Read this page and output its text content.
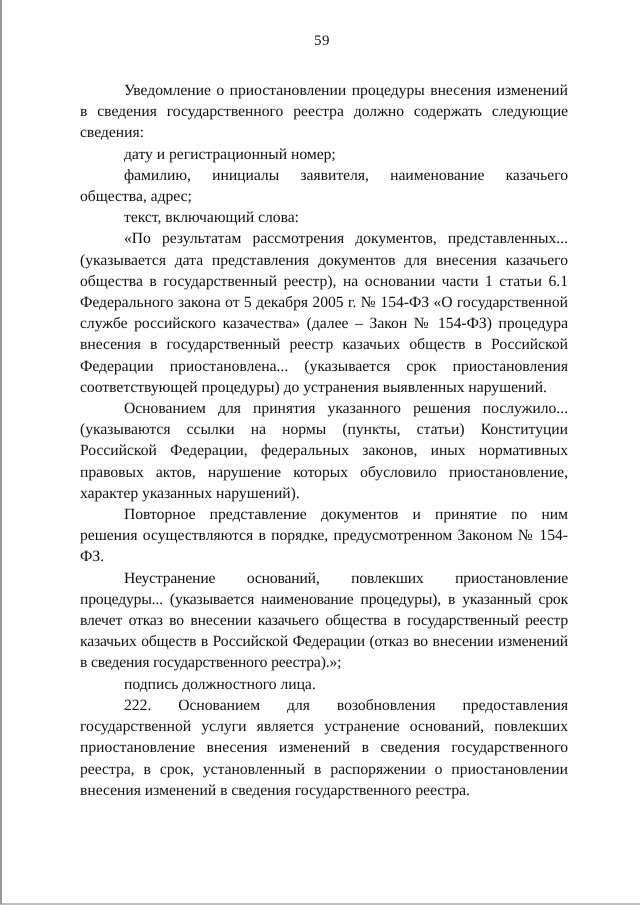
59

Уведомление о приостановлении процедуры внесения изменений в сведения государственного реестра должно содержать следующие сведения:

дату и регистрационный номер;

фамилию, инициалы заявителя, наименование казачьего общества, адрес;

текст, включающий слова:

«По результатам рассмотрения документов, представленных... (указывается дата представления документов для внесения казачьего общества в государственный реестр), на основании части 1 статьи 6.1 Федерального закона от 5 декабря 2005 г. № 154-ФЗ «О государственной службе российского казачества» (далее – Закон № 154-ФЗ) процедура внесения в государственный реестр казачьих обществ в Российской Федерации приостановлена... (указывается срок приостановления соответствующей процедуры) до устранения выявленных нарушений.

Основанием для принятия указанного решения послужило... (указываются ссылки на нормы (пункты, статьи) Конституции Российской Федерации, федеральных законов, иных нормативных правовых актов, нарушение которых обусловило приостановление, характер указанных нарушений).

Повторное представление документов и принятие по ним решения осуществляются в порядке, предусмотренном Законом № 154-ФЗ.

Неустранение оснований, повлекших приостановление процедуры... (указывается наименование процедуры), в указанный срок влечет отказ во внесении казачьего общества в государственный реестр казачьих обществ в Российской Федерации (отказ во внесении изменений в сведения государственного реестра).»;

подпись должностного лица.

222. Основанием для возобновления предоставления государственной услуги является устранение оснований, повлекших приостановление внесения изменений в сведения государственного реестра, в срок, установленный в распоряжении о приостановлении внесения изменений в сведения государственного реестра.
